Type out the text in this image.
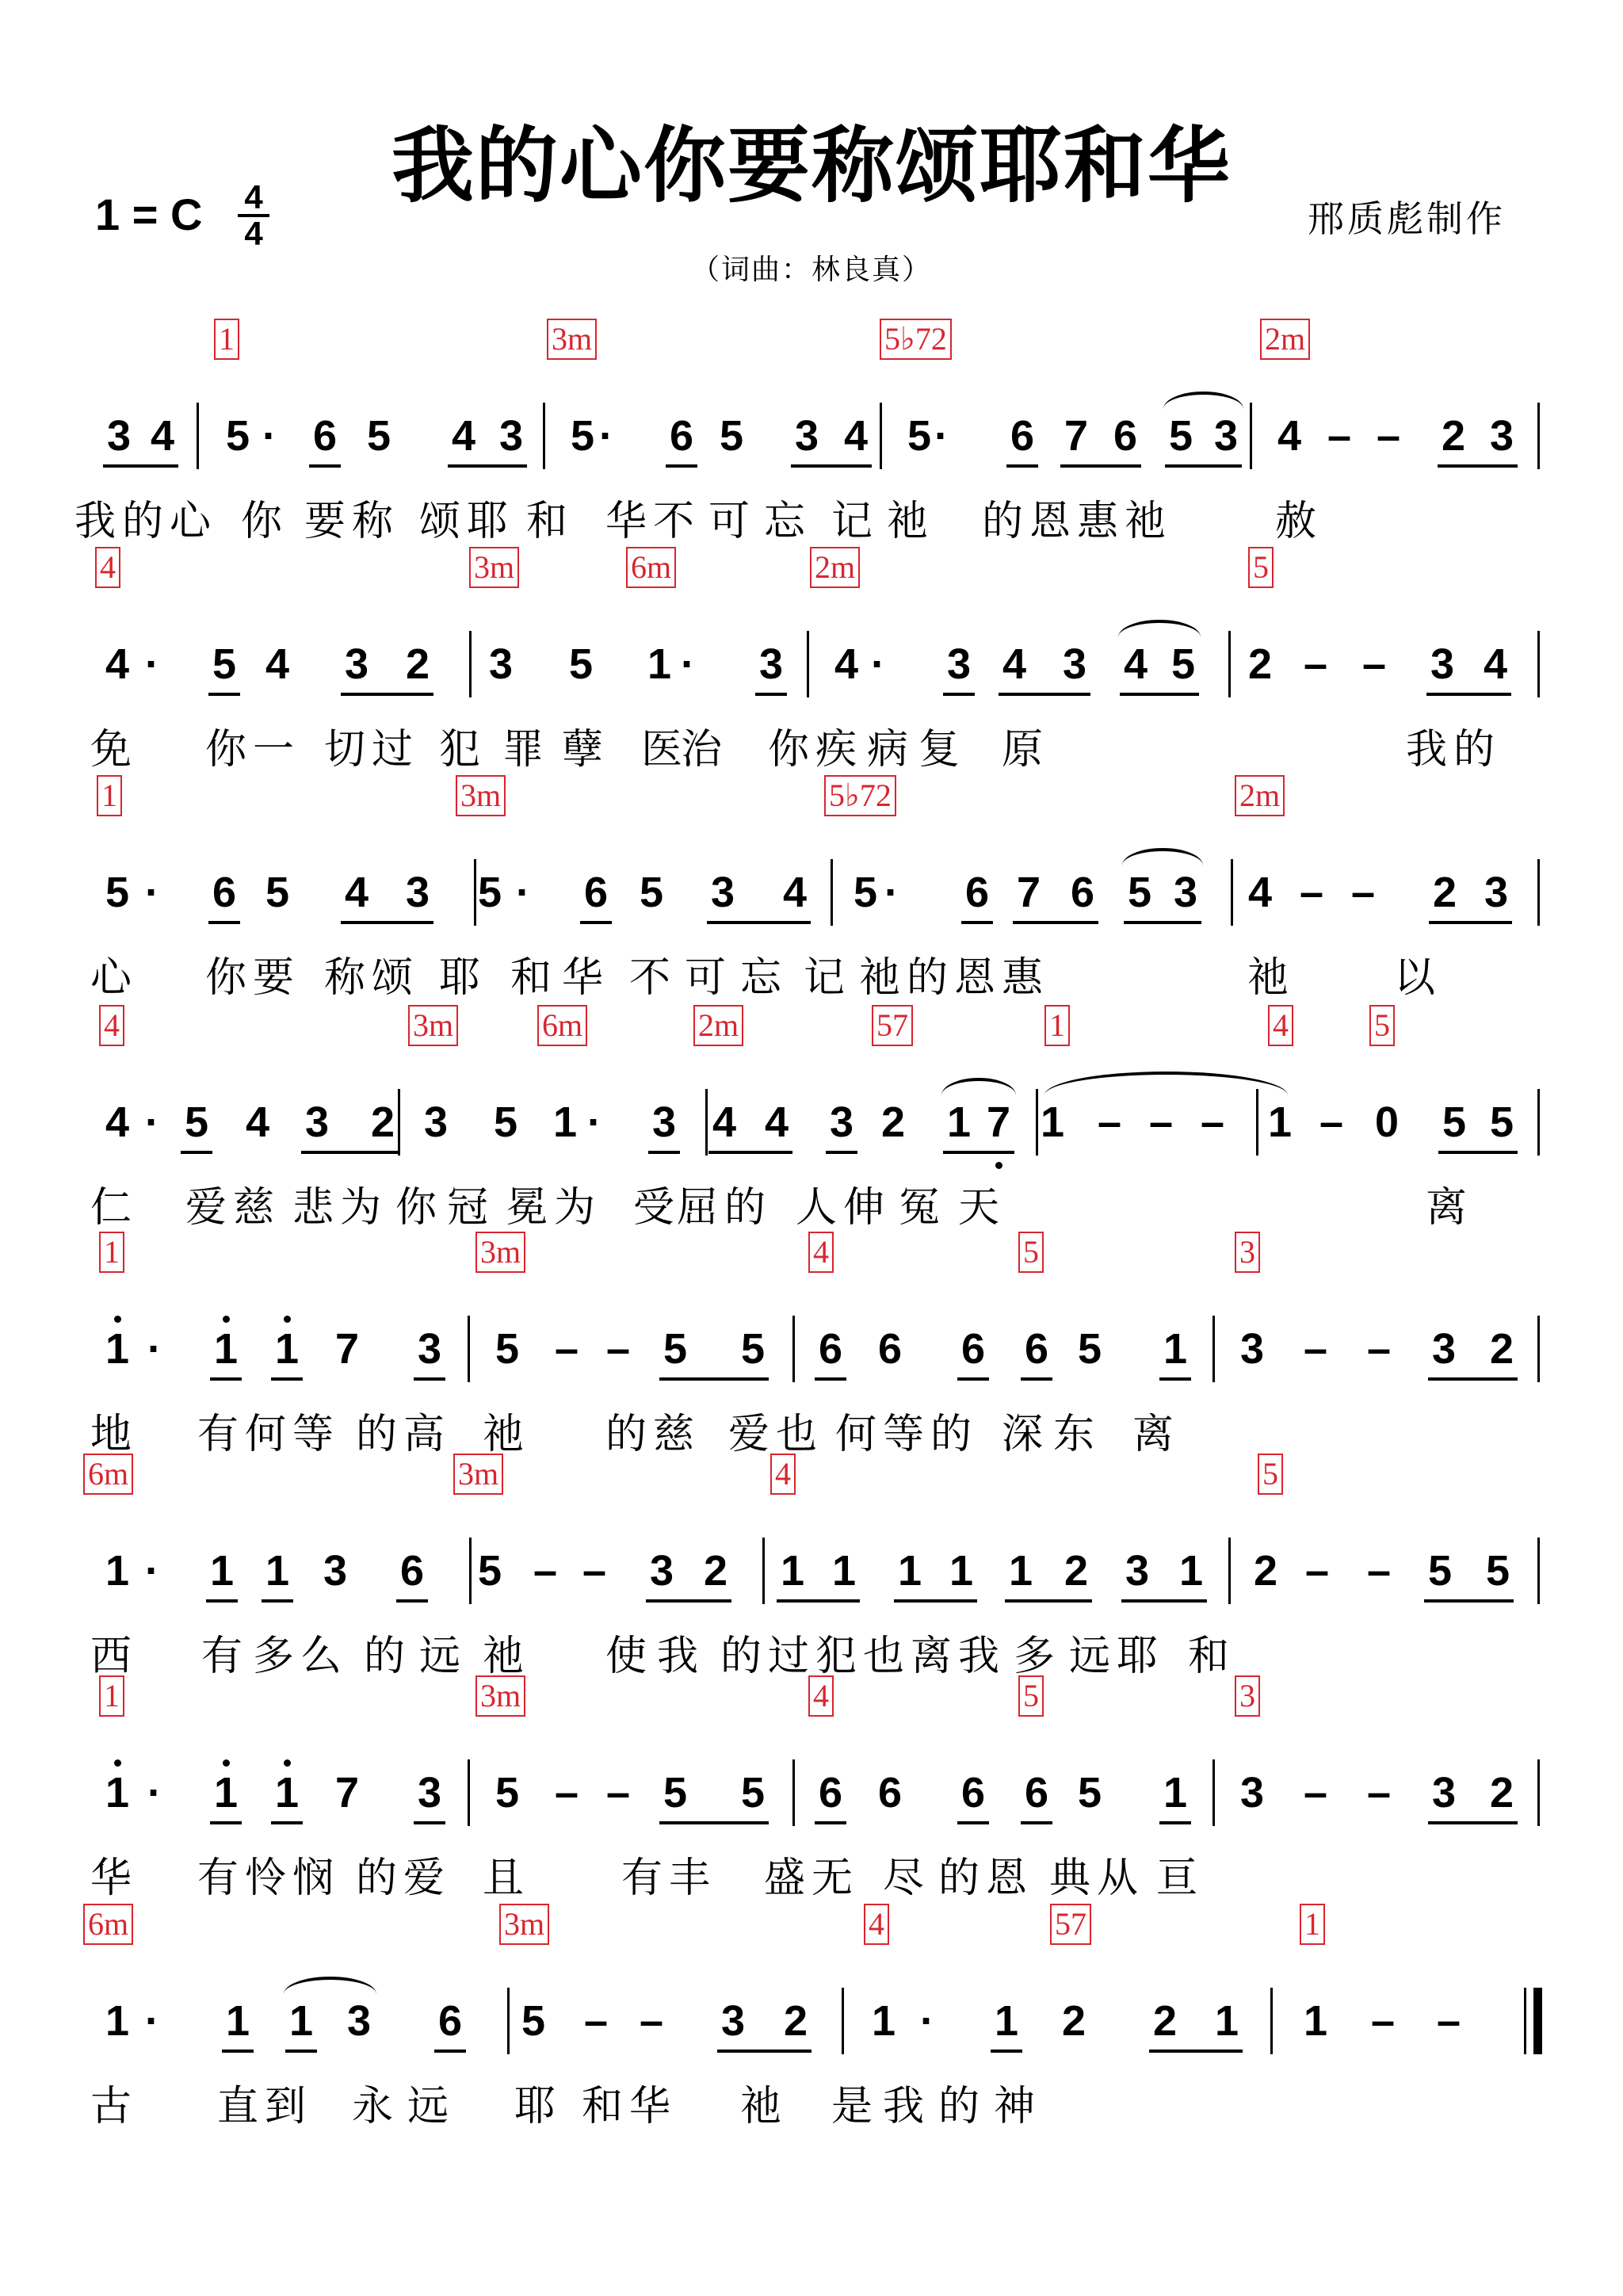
我的心你要称颂耶和华
1 = C 4
4	邢质彪制作
（词曲：林良真）
3 4
1
5 · 6 5 4 3
3m
5 · 6 5 3 4
5♭72
5 · 6 7 6 5 3
2m
4 – – 2 3
我 的 心 你 要 称 颂 耶 和 华 不 可 忘 记 祂	的 恩 惠 祂	赦
4
4 · 5 4 3 2
3m	6m
3 5 1 · 3
2m
4 · 3 4 3 4 5
5
2 – – 3 4
免	你 一 切 过 犯 罪 孽 医
治	你 疾 病 复	原	我 的
1
5 · 6 5 4 3
3m
5 · 6 5 3 4
5♭72
5 · 6 7 6 5 3
2m
4 – – 2 3
心	你 要 称 颂 耶 和 华 不 可 忘 记 祂 的 恩 惠	祂	以
4
4 · 5 4 3 2
3m	6m
3 5 1 · 3
2m	57
4 4 3 2 1 7
1
1 – – –
4	5
1 – 0 5 5
仁	爱 慈 悲 为 你 冠 冕 为 受 屈 的 人 伸 冤 天	离
1
1 · 1 1 7 3
3m
5 – – 5 5
4	5
6 6 6 6 5 1
3
3 – – 3 2
地	有 何 等 的 高 祂	的 慈 爱 也 何 等 的 深 东 离
6m
1 · 1 1 3 6
3m
5 – – 3 2
4
1 1 1 1 1 2 3 1
5
2 – – 5 5
西	有 多 么 的 远 祂	使 我 的 过 犯 也 离 我 多 远 耶 和
1
1 · 1 1 7 3
3m
5 – – 5 5
4	5
6 6 6 6 5 1
3
3 – – 3 2
华	有 怜 悯 的 爱 且	有 丰	盛 无 尽 的 恩 典 从 亘
6m
1 · 1 1 3 6
3m
5 – – 3 2
4	57
1 · 1 2 2 1
1
1 – –
古	直 到	永 远	耶 和 华	祂	是 我 的 神
